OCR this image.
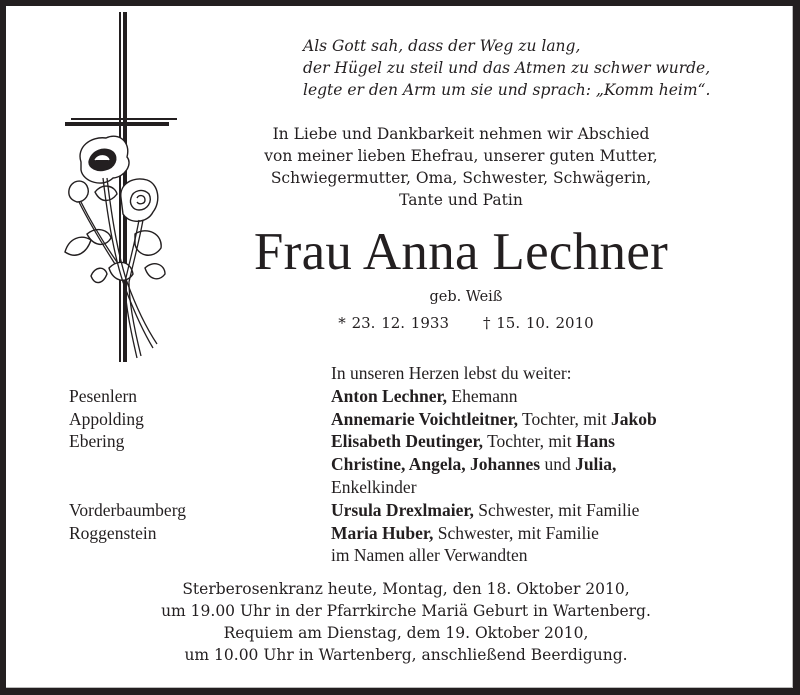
Als Gott sah, dass der Weg zu lang,
der Hügel zu steil und das Atmen zu schwer wurde,
legte er den Arm um sie und sprach: „Komm heim“.
In Liebe und Dankbarkeit nehmen wir Abschied
von meiner lieben Ehefrau, unserer guten Mutter,
Schwiegermutter, Oma, Schwester, Schwägerin,
Tante und Patin
Frau Anna Lechner
geb. Weiß
* 23. 12. 1933 † 15. 10. 2010
In unseren Herzen lebst du weiter:
Pesenlern	Anton Lechner, Ehemann
Appolding	Annemarie Voichtleitner, Tochter, mit Jakob
Ebering	Elisabeth Deutinger, Tochter, mit Hans
Christine, Angela, Johannes und Julia,
Enkelkinder
Vorderbaumberg	Ursula Drexlmaier, Schwester, mit Familie
Roggenstein	Maria Huber, Schwester, mit Familie
im Namen aller Verwandten
Sterberosenkranz heute, Montag, den 18. Oktober 2010,
um 19.00 Uhr in der Pfarrkirche Mariä Geburt in Wartenberg.
Requiem am Dienstag, dem 19. Oktober 2010,
um 10.00 Uhr in Wartenberg, anschließend Beerdigung.
